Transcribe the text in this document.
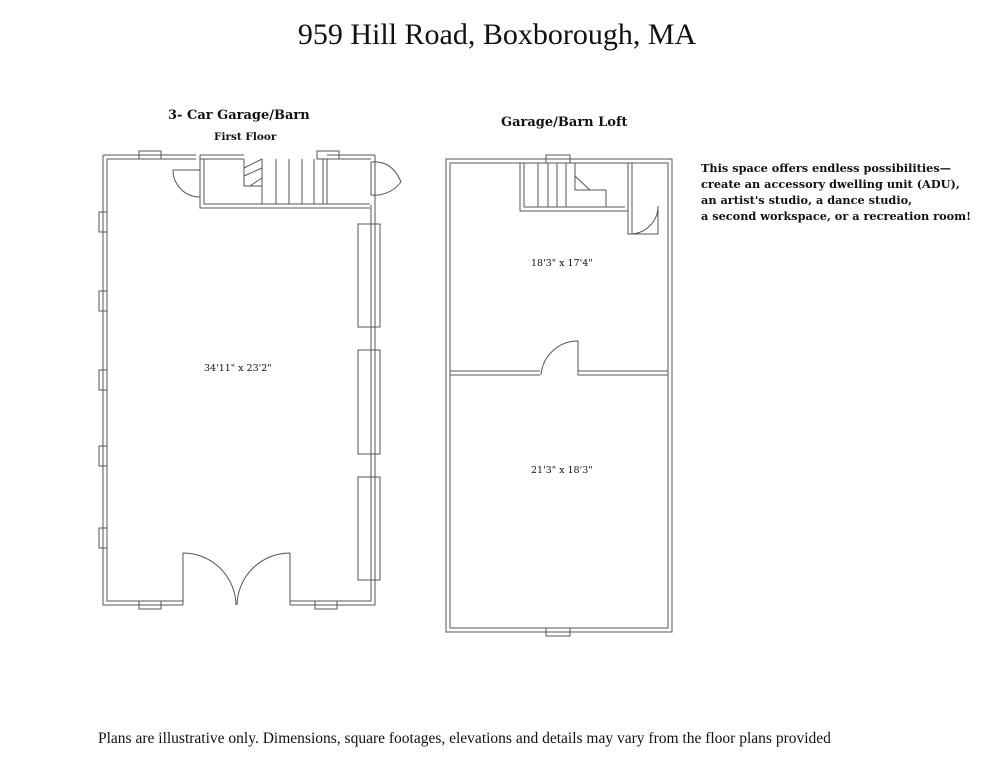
959 Hill Road, Boxborough, MA
3- Car Garage/Barn
First Floor
Garage/Barn Loft
34'11" x 23'2"
18'3" x 17'4"
21'3" x 18'3"
This space offers endless possibilities—
create an accessory dwelling unit (ADU),
an artist's studio, a dance studio,
a second workspace, or a recreation room!
Plans are illustrative only. Dimensions, square footages, elevations and details may vary from the floor plans provided
